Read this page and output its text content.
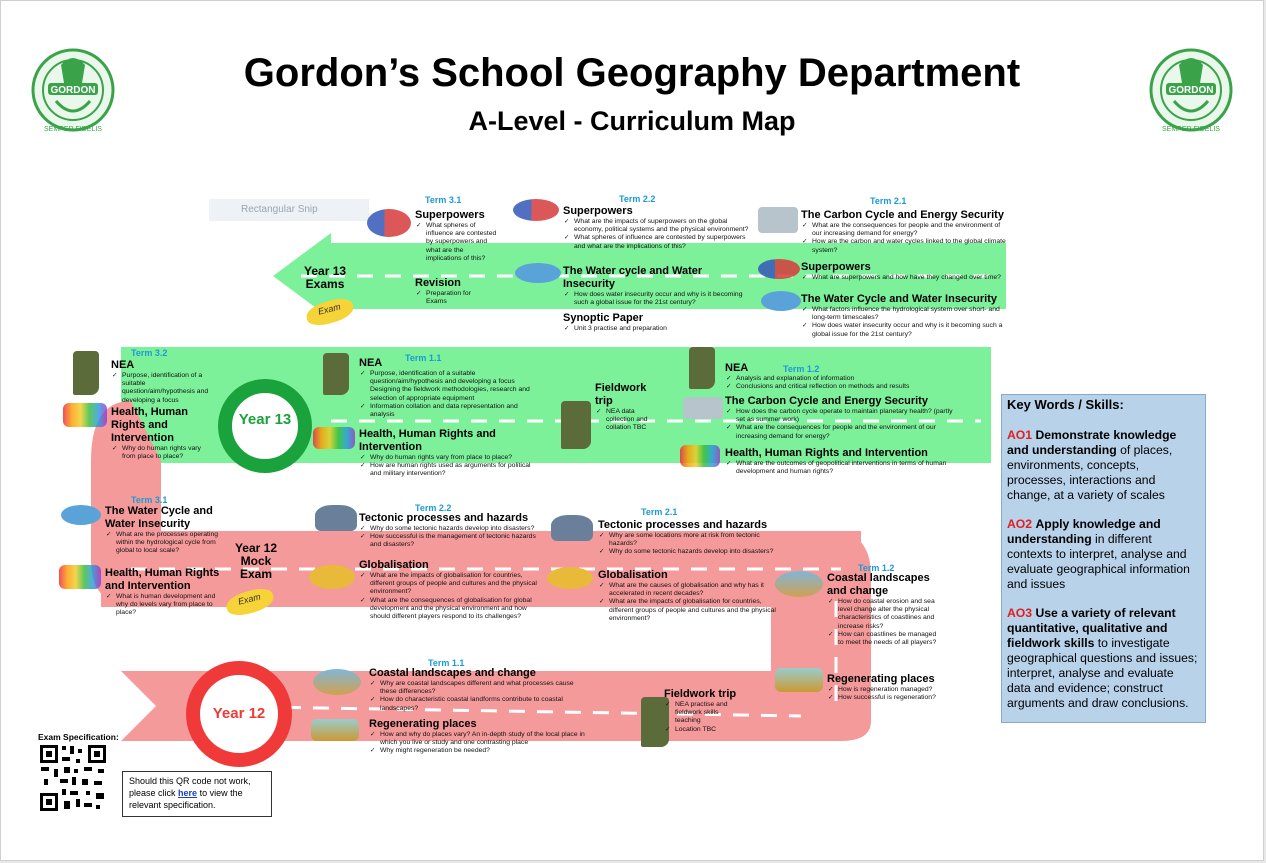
GORDON
SEMPER FIDELIS
GORDON
SEMPER FIDELIS
Gordon’s School Geography Department
A-Level - Curriculum Map
Rectangular Snip
Year 13
Exams
Exam
Term 3.1
Superpowers
✓ What spheres of influence are contested by superpowers and what are the implications of this?
Revision
✓ Preparation for Exams
Term 2.2
Superpowers
✓ What are the impacts of superpowers on the global economy, political systems and the physical environment?
✓ What spheres of influence are contested by superpowers and what are the implications of this?
The Water cycle and Water Insecurity
✓ How does water insecurity occur and why is it becoming such a global issue for the 21st century?
Synoptic Paper
✓ Unit 3 practise and preparation
Term 2.1
The Carbon Cycle and Energy Security
✓ What are the consequences for people and the environment of our increasing demand for energy?
✓ How are the carbon and water cycles linked to the global climate system?
Superpowers
✓ What are superpowers and how have they changed over time?
The Water Cycle and Water Insecurity
✓ What factors influence the hydrological system over short- and long-term timescales?
✓ How does water insecurity occur and why is it becoming such a global issue for the 21st century?
Term 3.2
NEA
✓ Purpose, identification of a suitable question/aim/hypothesis and developing a focus
Health, Human Rights and Intervention
✓ Why do human rights vary from place to place?
Year 13
Term 1.1
NEA
✓ Purpose, identification of a suitable question/aim/hypothesis and developing a focus Designing the fieldwork methodologies, research and selection of appropriate equipment
✓ Information collation and data representation and analysis
Health, Human Rights and Intervention
✓ Why do human rights vary from place to place?
✓ How are human rights used as arguments for political and military intervention?
Fieldwork trip
✓ NEA data collection and collation TBC
Term 1.2
NEA
✓ Analysis and explanation of information
✓ Conclusions and critical reflection on methods and results
The Carbon Cycle and Energy Security
✓ How does the carbon cycle operate to maintain planetary health? (partly set as summer work)
✓ What are the consequences for people and the environment of our increasing demand for energy?
Health, Human Rights and Intervention
✓ What are the outcomes of geopolitical interventions in terms of human development and human rights?
Term 3.1
The Water Cycle and Water Insecurity
✓ What are the processes operating within the hydrological cycle from global to local scale?
Health, Human Rights and Intervention
✓ What is human development and why do levels vary from place to place?
Year 12
Mock
Exam
Exam
Term 2.2
Tectonic processes and hazards
✓ Why do some tectonic hazards develop into disasters?
✓ How successful is the management of tectonic hazards and disasters?
Globalisation
✓ What are the impacts of globalisation for countries, different groups of people and cultures and the physical environment?
✓ What are the consequences of globalisation for global development and the physical environment and how should different players respond to its challenges?
Term 2.1
Tectonic processes and hazards
✓ Why are some locations more at risk from tectonic hazards?
✓ Why do some tectonic hazards develop into disasters?
Globalisation
✓ What are the causes of globalisation and why has it accelerated in recent decades?
✓ What are the impacts of globalisation for countries, different groups of people and cultures and the physical environment?
Term 1.2
Coastal landscapes and change
✓ How do coastal erosion and sea level change alter the physical characteristics of coastlines and increase risks?
✓ How can coastlines be managed to meet the needs of all players?
Regenerating places
✓ How is regeneration managed?
✓ How successful is regeneration?
Year 12
Term 1.1
Coastal landscapes and change
✓ Why are coastal landscapes different and what processes cause these differences?
✓ How do characteristic coastal landforms contribute to coastal landscapes?
Regenerating places
✓ How and why do places vary? An in-depth study of the local place in which you live or study and one contrasting place
✓ Why might regeneration be needed?
Fieldwork trip
✓ NEA practise and fieldwork skills teaching
✓ Location TBC
Key Words / Skills:
AO1 Demonstrate knowledge and understanding of places, environments, concepts, processes, interactions and change, at a variety of scales
AO2 Apply knowledge and understanding in different contexts to interpret, analyse and evaluate geographical information and issues
AO3 Use a variety of relevant quantitative, qualitative and fieldwork skills to investigate geographical questions and issues; interpret, analyse and evaluate data and evidence; construct arguments and draw conclusions.
Exam Specification:
Should this QR code not work, please click here to view the relevant specification.
